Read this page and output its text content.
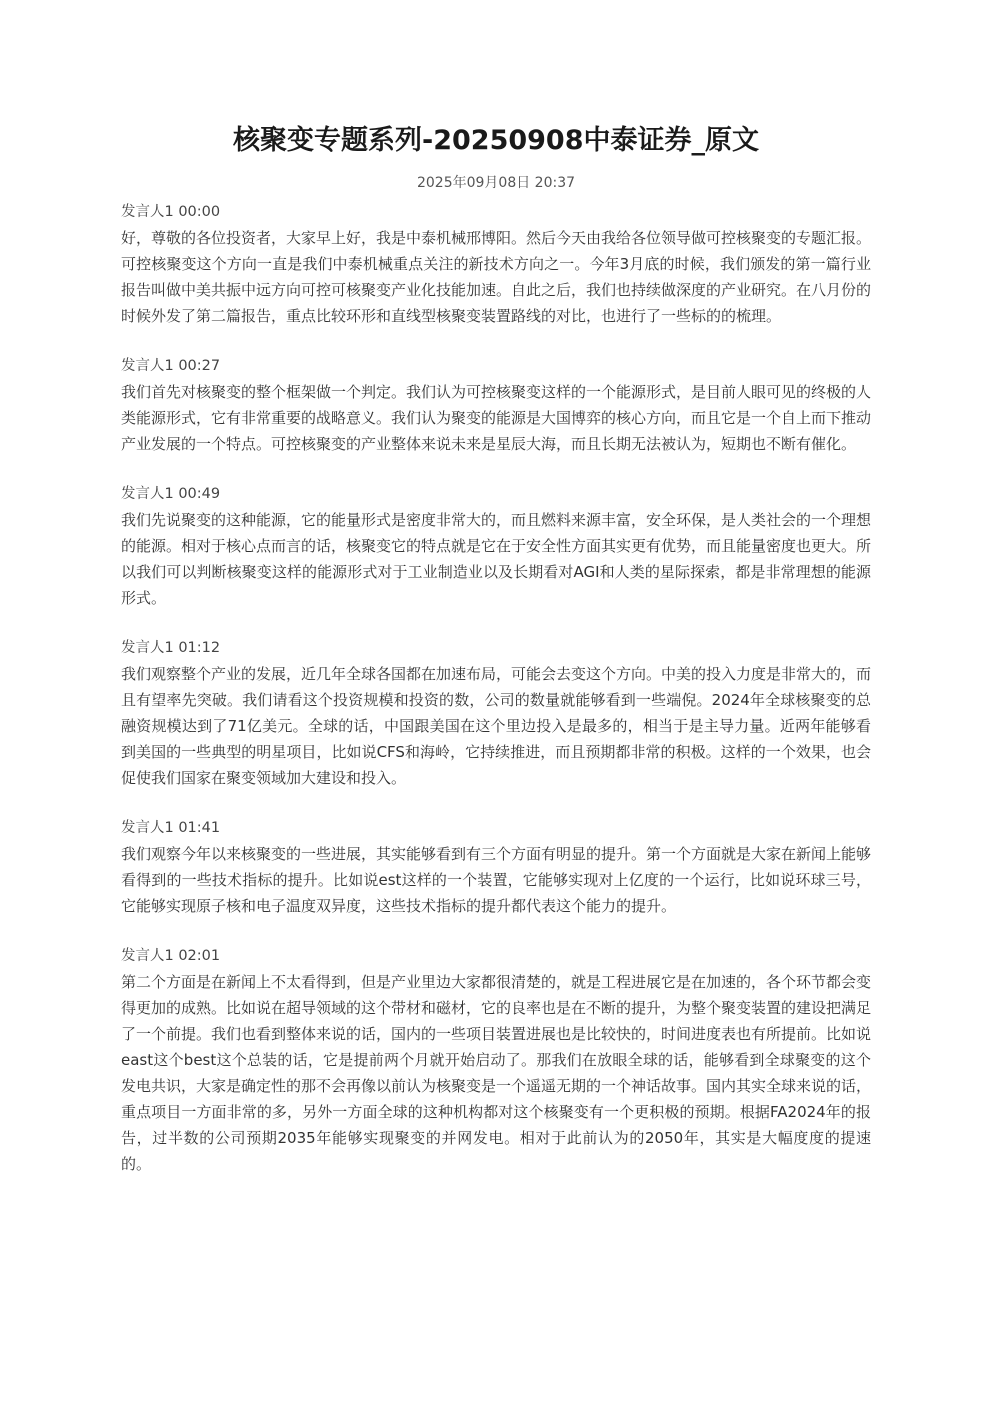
核聚变专题系列-20250908中泰证券_原文
2025年09月08日 20:37
发言人1 00:00

好，尊敬的各位投资者，大家早上好，我是中泰机械邢博阳。然后今天由我给各位领导做可控核聚变的专题汇报。可控核聚变这个方向一直是我们中泰机械重点关注的新技术方向之一。今年3月底的时候，我们颁发的第一篇行业报告叫做中美共振中远方向可控可核聚变产业化技能加速。自此之后，我们也持续做深度的产业研究。在八月份的时候外发了第二篇报告，重点比较环形和直线型核聚变装置路线的对比，也进行了一些标的的梳理。

发言人1 00:27

我们首先对核聚变的整个框架做一个判定。我们认为可控核聚变这样的一个能源形式，是目前人眼可见的终极的人类能源形式，它有非常重要的战略意义。我们认为聚变的能源是大国博弈的核心方向，而且它是一个自上而下推动产业发展的一个特点。可控核聚变的产业整体来说未来是星辰大海，而且长期无法被认为，短期也不断有催化。

发言人1 00:49

我们先说聚变的这种能源，它的能量形式是密度非常大的，而且燃料来源丰富，安全环保，是人类社会的一个理想的能源。相对于核心点而言的话，核聚变它的特点就是它在于安全性方面其实更有优势，而且能量密度也更大。所以我们可以判断核聚变这样的能源形式对于工业制造业以及长期看对AGI和人类的星际探索，都是非常理想的能源形式。

发言人1 01:12

我们观察整个产业的发展，近几年全球各国都在加速布局，可能会去变这个方向。中美的投入力度是非常大的，而且有望率先突破。我们请看这个投资规模和投资的数，公司的数量就能够看到一些端倪。2024年全球核聚变的总融资规模达到了71亿美元。全球的话，中国跟美国在这个里边投入是最多的，相当于是主导力量。近两年能够看到美国的一些典型的明星项目，比如说CFS和海岭，它持续推进，而且预期都非常的积极。这样的一个效果，也会促使我们国家在聚变领域加大建设和投入。

发言人1 01:41

我们观察今年以来核聚变的一些进展，其实能够看到有三个方面有明显的提升。第一个方面就是大家在新闻上能够看得到的一些技术指标的提升。比如说est这样的一个装置，它能够实现对上亿度的一个运行，比如说环球三号，它能够实现原子核和电子温度双异度，这些技术指标的提升都代表这个能力的提升。

发言人1 02:01

第二个方面是在新闻上不太看得到，但是产业里边大家都很清楚的，就是工程进展它是在加速的，各个环节都会变得更加的成熟。比如说在超导领域的这个带材和磁材，它的良率也是在不断的提升，为整个聚变装置的建设把满足了一个前提。我们也看到整体来说的话，国内的一些项目装置进展也是比较快的，时间进度表也有所提前。比如说east这个best这个总装的话，它是提前两个月就开始启动了。那我们在放眼全球的话，能够看到全球聚变的这个发电共识，大家是确定性的那不会再像以前认为核聚变是一个遥遥无期的一个神话故事。国内其实全球来说的话，重点项目一方面非常的多，另外一方面全球的这种机构都对这个核聚变有一个更积极的预期。根据FA2024年的报告，过半数的公司预期2035年能够实现聚变的并网发电。相对于此前认为的2050年，其实是大幅度度的提速的。
